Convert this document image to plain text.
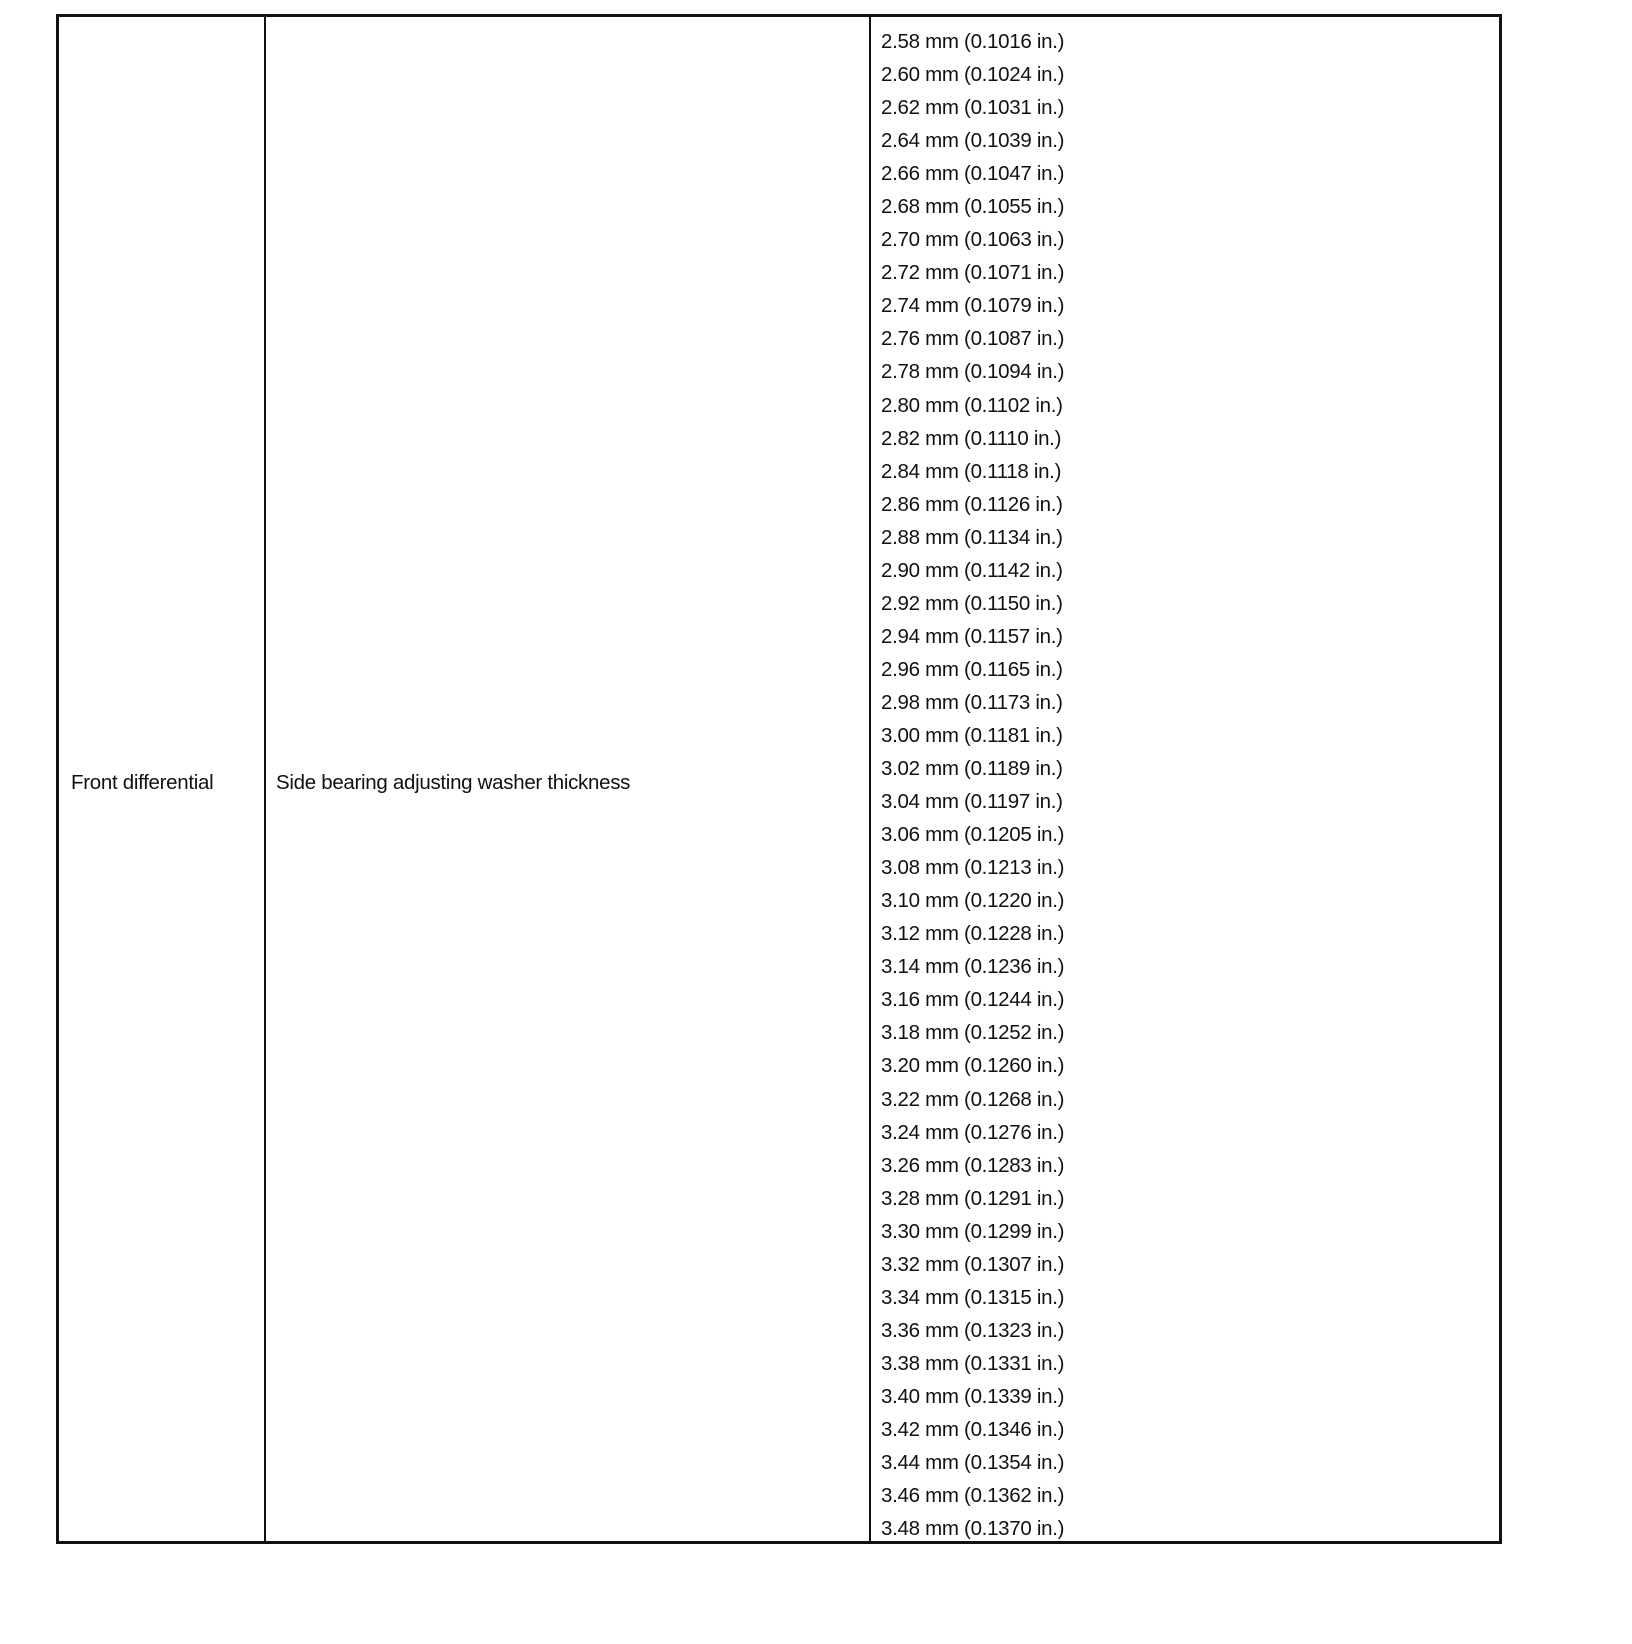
Front differential	Side bearing adjusting washer thickness
2.58 mm (0.1016 in.)
2.60 mm (0.1024 in.)
2.62 mm (0.1031 in.)
2.64 mm (0.1039 in.)
2.66 mm (0.1047 in.)
2.68 mm (0.1055 in.)
2.70 mm (0.1063 in.)
2.72 mm (0.1071 in.)
2.74 mm (0.1079 in.)
2.76 mm (0.1087 in.)
2.78 mm (0.1094 in.)
2.80 mm (0.1102 in.)
2.82 mm (0.1110 in.)
2.84 mm (0.1118 in.)
2.86 mm (0.1126 in.)
2.88 mm (0.1134 in.)
2.90 mm (0.1142 in.)
2.92 mm (0.1150 in.)
2.94 mm (0.1157 in.)
2.96 mm (0.1165 in.)
2.98 mm (0.1173 in.)
3.00 mm (0.1181 in.)
3.02 mm (0.1189 in.)
3.04 mm (0.1197 in.)
3.06 mm (0.1205 in.)
3.08 mm (0.1213 in.)
3.10 mm (0.1220 in.)
3.12 mm (0.1228 in.)
3.14 mm (0.1236 in.)
3.16 mm (0.1244 in.)
3.18 mm (0.1252 in.)
3.20 mm (0.1260 in.)
3.22 mm (0.1268 in.)
3.24 mm (0.1276 in.)
3.26 mm (0.1283 in.)
3.28 mm (0.1291 in.)
3.30 mm (0.1299 in.)
3.32 mm (0.1307 in.)
3.34 mm (0.1315 in.)
3.36 mm (0.1323 in.)
3.38 mm (0.1331 in.)
3.40 mm (0.1339 in.)
3.42 mm (0.1346 in.)
3.44 mm (0.1354 in.)
3.46 mm (0.1362 in.)
3.48 mm (0.1370 in.)
